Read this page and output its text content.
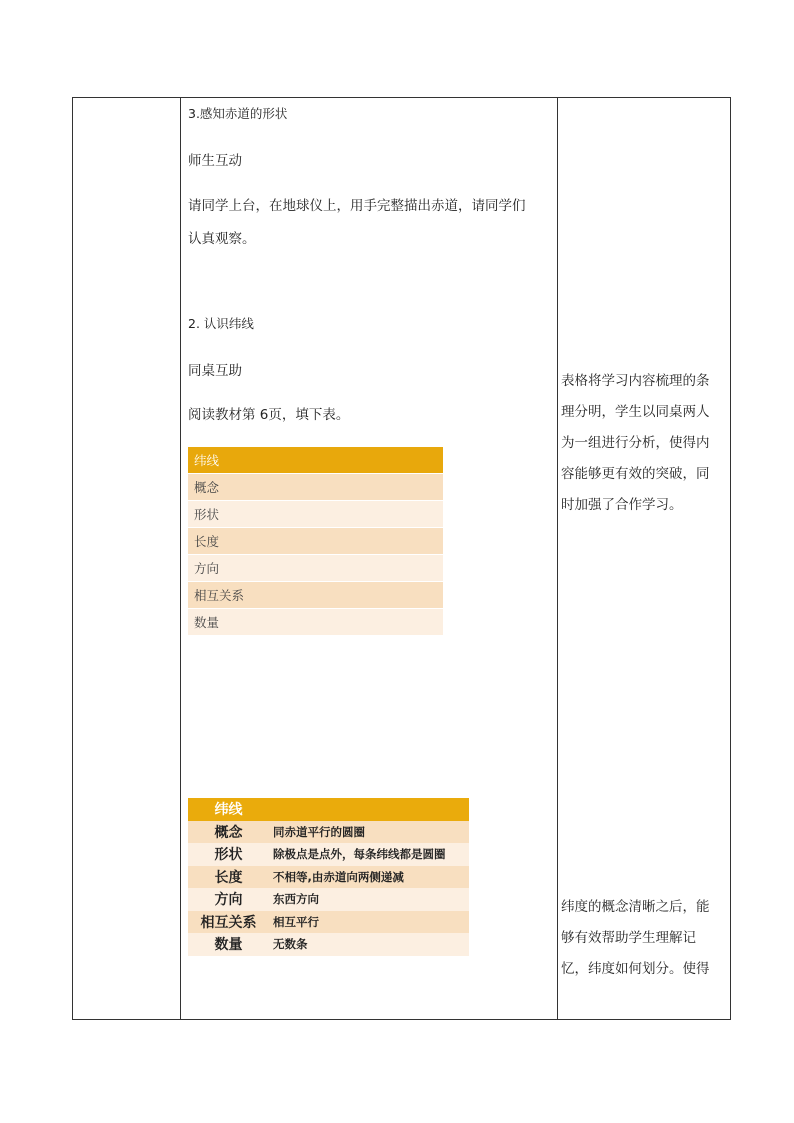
3.感知赤道的形状
师生互动
请同学上台，在地球仪上，用手完整描出赤道，请同学们
认真观察。
2. 认识纬线
同桌互助
阅读教材第 6页，填下表。
纬线	
概念	
形状	
长度	
方向	
相互关系	
数量	
纬线	
概念	同赤道平行的圆圈
形状	除极点是点外，每条纬线都是圆圈
长度	不相等,由赤道向两侧递减
方向	东西方向
相互关系	相互平行
数量	无数条
表格将学习内容梳理的条
理分明，学生以同桌两人
为一组进行分析，使得内
容能够更有效的突破，同
时加强了合作学习。
纬度的概念清晰之后，能
够有效帮助学生理解记
忆，纬度如何划分。使得
